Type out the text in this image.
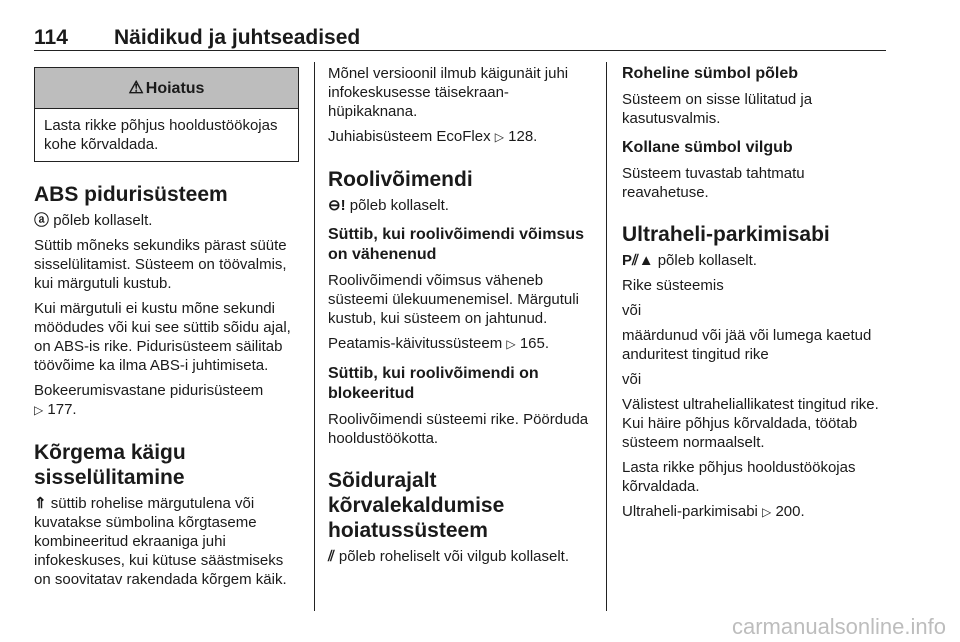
114 Näidikud ja juhtseadised
⚠ Hoiatus
Lasta rikke põhjus hooldustöökojas kohe kõrvaldada.
ABS pidurisüsteem

ⓐ põleb kollaselt.

Süttib mõneks sekundiks pärast süüte sisselülitamist. Süsteem on töövalmis, kui märgutuli kustub.

Kui märgutuli ei kustu mõne sekundi möödudes või kui see süttib sõidu ajal, on ABS-is rike. Pidurisüsteem säilitab töövõime ka ilma ABS-i juhtimiseta.

Bokeerumisvastane pidurisüsteem
▷ 177.

Kõrgema käigu
sisselülitamine

⇑ süttib rohelise märgutulena või kuvatakse sümbolina kõrgtaseme kombineeritud ekraaniga juhi infokeskuses, kui kütuse säästmiseks on soovitatav rakendada kõrgem käik.

Mõnel versioonil ilmub käigunäit juhi infokeskusesse täisekraan-hüpikaknana.

Juhiabisüsteem EcoFlex ▷ 128.

Roolivõimendi

⊖! põleb kollaselt.

Süttib, kui roolivõimendi võimsus on vähenenud

Roolivõimendi võimsus väheneb süsteemi ülekuumenemisel. Märgutuli kustub, kui süsteem on jahtunud.

Peatamis-käivitussüsteem ▷ 165.

Süttib, kui roolivõimendi on blokeeritud

Roolivõimendi süsteemi rike. Pöörduda hooldustöökotta.

Sõidurajalt
kõrvalekaldumise
hoiatussüsteem

⫽ põleb roheliselt või vilgub kollaselt.

Roheline sümbol põleb

Süsteem on sisse lülitatud ja kasutusvalmis.

Kollane sümbol vilgub

Süsteem tuvastab tahtmatu reavahetuse.

Ultraheli-parkimisabi

P⫽▲ põleb kollaselt.

Rike süsteemis

või

määrdunud või jää või lumega kaetud anduritest tingitud rike

või

Välistest ultraheliallikatest tingitud rike. Kui häire põhjus kõrvaldada, töötab süsteem normaalselt.

Lasta rikke põhjus hooldustöökojas kõrvaldada.

Ultraheli-parkimisabi ▷ 200.

carmanualsonline.info
